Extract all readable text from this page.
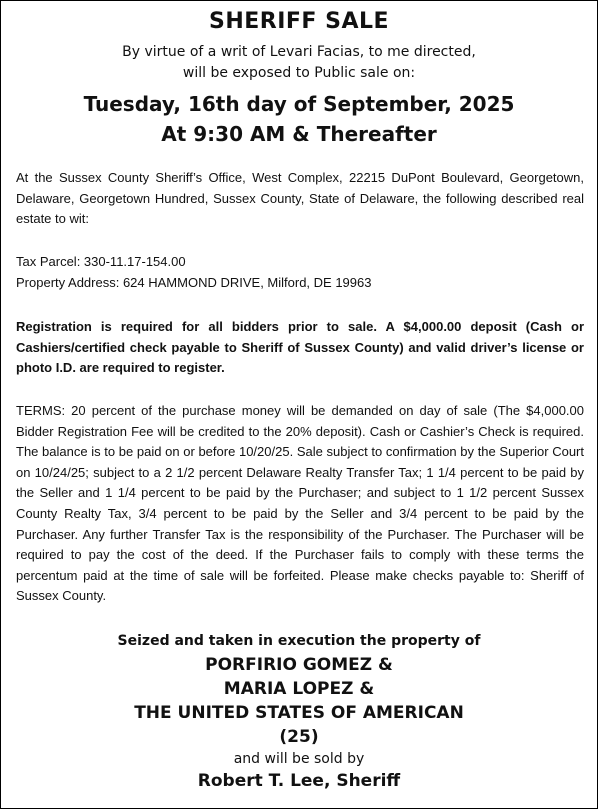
SHERIFF SALE
By virtue of a writ of Levari Facias, to me directed,
will be exposed to Public sale on:
Tuesday, 16th day of September, 2025
At 9:30 AM & Thereafter

At the Sussex County Sheriff’s Office, West Complex, 22215 DuPont Boulevard, Georgetown, Delaware, Georgetown Hundred, Sussex County, State of Delaware, the following described real estate to wit:

Tax Parcel: 330-11.17-154.00
Property Address: 624 HAMMOND DRIVE, Milford, DE 19963

Registration is required for all bidders prior to sale. A $4,000.00 deposit (Cash or Cashiers/certified check payable to Sheriff of Sussex County) and valid driver’s license or photo I.D. are required to register.

TERMS: 20 percent of the purchase money will be demanded on day of sale (The $4,000.00 Bidder Registration Fee will be credited to the 20% deposit). Cash or Cashier’s Check is required. The balance is to be paid on or before 10/20/25. Sale subject to confirmation by the Superior Court on 10/24/25; subject to a 2 1/2 percent Delaware Realty Transfer Tax; 1 1/4 percent to be paid by the Seller and 1 1/4 percent to be paid by the Purchaser; and subject to 1 1/2 percent Sussex County Realty Tax, 3/4 percent to be paid by the Seller and 3/4 percent to be paid by the Purchaser. Any further Transfer Tax is the responsibility of the Purchaser. The Purchaser will be required to pay the cost of the deed. If the Purchaser fails to comply with these terms the percentum paid at the time of sale will be forfeited. Please make checks payable to: Sheriff of Sussex County.

Seized and taken in execution the property of
PORFIRIO GOMEZ &
MARIA LOPEZ &
THE UNITED STATES OF AMERICAN
(25)
and will be sold by
Robert T. Lee, Sheriff
